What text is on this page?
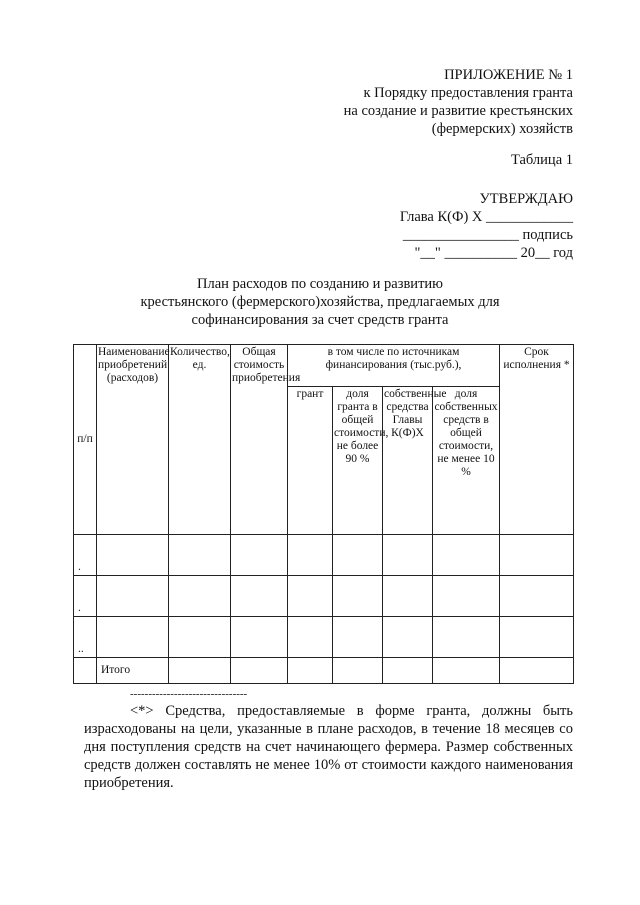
ПРИЛОЖЕНИЕ № 1
к Порядку предоставления гранта
на создание и развитие крестьянских
(фермерских) хозяйств
Таблица 1
УТВЕРЖДАЮ
Глава К(Ф) Х ____________
________________ подпись
"__" __________ 20__ год
План расходов по созданию и развитию
крестьянского (фермерского)хозяйства, предлагаемых для
софинансирования за счет средств гранта
п/п	Наименование приобретений (расходов)	Количество, ед.	Общая стоимость приобретения	в том числе по источникам финансирования (тыс.руб.),				Срок исполнения *
				грант	доля гранта в общей стоимости, не более 90 %	собственные средства Главы К(Ф)Х	доля собственных средств в общей стоимости, не менее 10 %	
.								
.								
..								
	Итого							
--------------------------------
<*> Средства, предоставляемые в форме гранта, должны быть израсходованы на цели, указанные в плане расходов, в течение 18 месяцев со дня поступления средств на счет начинающего фермера. Размер собственных средств должен составлять не менее 10% от стоимости каждого наименования приобретения.
